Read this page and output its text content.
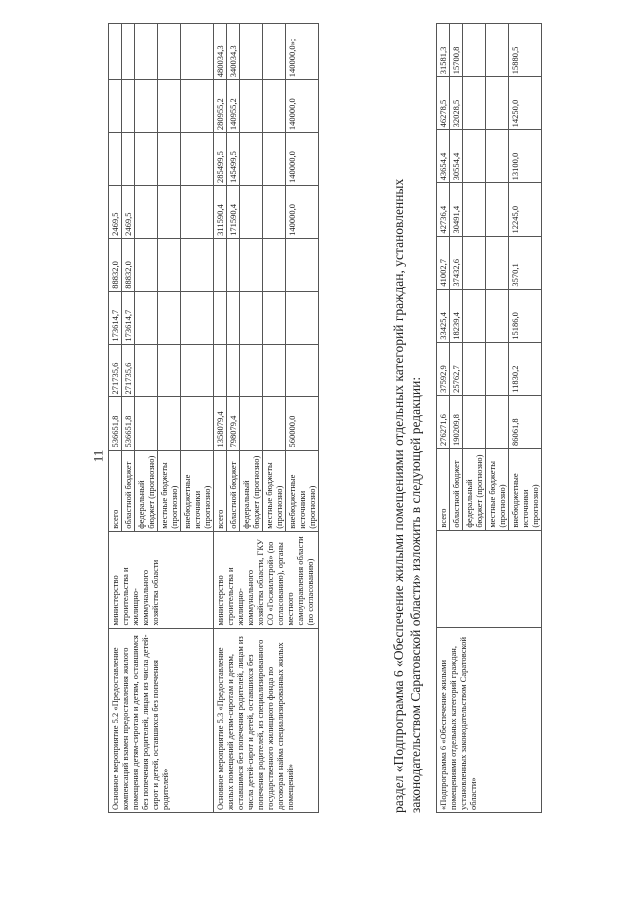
11
Основное мероприятие 5.2 «Предоставление компенсаций взамен предоставления жилого помещения детям-сиротам и детям, оставшимся без попечения родителей, лицам из числа детей-сирот и детей, оставшихся без попечения родителей»	министерство строительства и жилищно-коммунального хозяйства области	всего	536651,8	271735,6	173614,7	88832,0	2469,5			
		областной бюджет	536651,8	271735,6	173614,7	88832,0	2469,5			
		федеральный бюджет (прогнозно)								
		местные бюджеты (прогнозно)								
		внебюджетные источники (прогнозно)								
Основное мероприятие 5.3 «Предоставление жилых помещений детям-сиротам и детям, оставшимся без попечения родителей, лицам из числа детей-сирот и детей, оставшихся без попечения родителей, из специализированного государственного жилищного фонда по договорам найма специализированных жилых помещений»	министерство строительства и жилищно-коммунального хозяйства области, ГКУ СО «Госжилстрой» (по согласованию), органы местного самоуправления области (по согласованию)	всего	1358079,4				311590,4	285499,5	280955,2	480034,3
		областной бюджет	798079,4				171590,4	145499,5	140955,2	340034,3
		федеральный бюджет (прогнозно)								
		местные бюджеты (прогнозно)								
		внебюджетные источники (прогнозно)	560000,0				140000,0	140000,0	140000,0	140000,0»;
раздел «Подпрограмма 6 «Обеспечение жилыми помещениями отдельных категорий граждан, установленных законодательством Саратовской области» изложить в следующей редакции: «Подпрограмма 6 «Обеспечение жилыми помещениями отдельных категорий граждан, установленных законодательством Саратовской области»		всего	276271,6	37592,9	33425,4	41002,7	42736,4	43654,4	46278,5	31581,3
		областной бюджет	190209,8	25762,7	18239,4	37432,6	30491,4	30554,4	32028,5	15700,8
		федеральный бюджет (прогнозно)								
		местные бюджеты (прогнозно)								
		внебюджетные источники (прогнозно)	86061,8	11830,2	15186,0	3570,1	12245,0	13100,0	14250,0	15880,5
